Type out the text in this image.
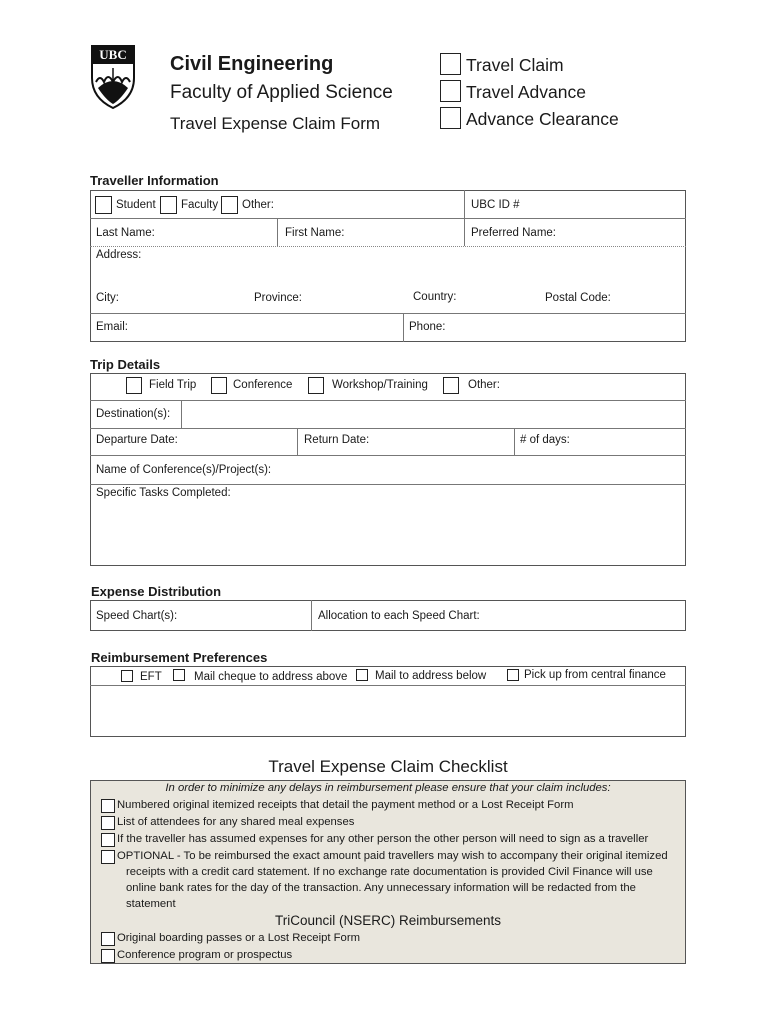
UBC Civil Engineering
Faculty of Applied Science
Travel Expense Claim Form
Travel Claim
Travel Advance
Advance Clearance
Traveller Information
Student Faculty Other:	UBC ID #
Last Name:	First Name:	Preferred Name:
Address:
City:	Province:	Country:	Postal Code:
Email:	Phone:
Trip Details
Field Trip	Conference	Workshop/Training	Other:
Destination(s):
Departure Date:	Return Date:	# of days:
Name of Conference(s)/Project(s):
Specific Tasks Completed:
Expense Distribution
Speed Chart(s):	Allocation to each Speed Chart:
Reimbursement Preferences
EFT	Mail cheque to address above Mail to address below	Pick up from central finance
Travel Expense Claim Checklist
In order to minimize any delays in reimbursement please ensure that your claim includes:
Numbered original itemized receipts that detail the payment method or a Lost Receipt Form
List of attendees for any shared meal expenses
If the traveller has assumed expenses for any other person the other person will need to sign as a traveller
OPTIONAL - To be reimbursed the exact amount paid travellers may wish to accompany their original itemized
receipts with a credit card statement. If no exchange rate documentation is provided Civil Finance will use
online bank rates for the day of the transaction. Any unnecessary information will be redacted from the
statement
TriCouncil (NSERC) Reimbursements
Original boarding passes or a Lost Receipt Form
Conference program or prospectus
